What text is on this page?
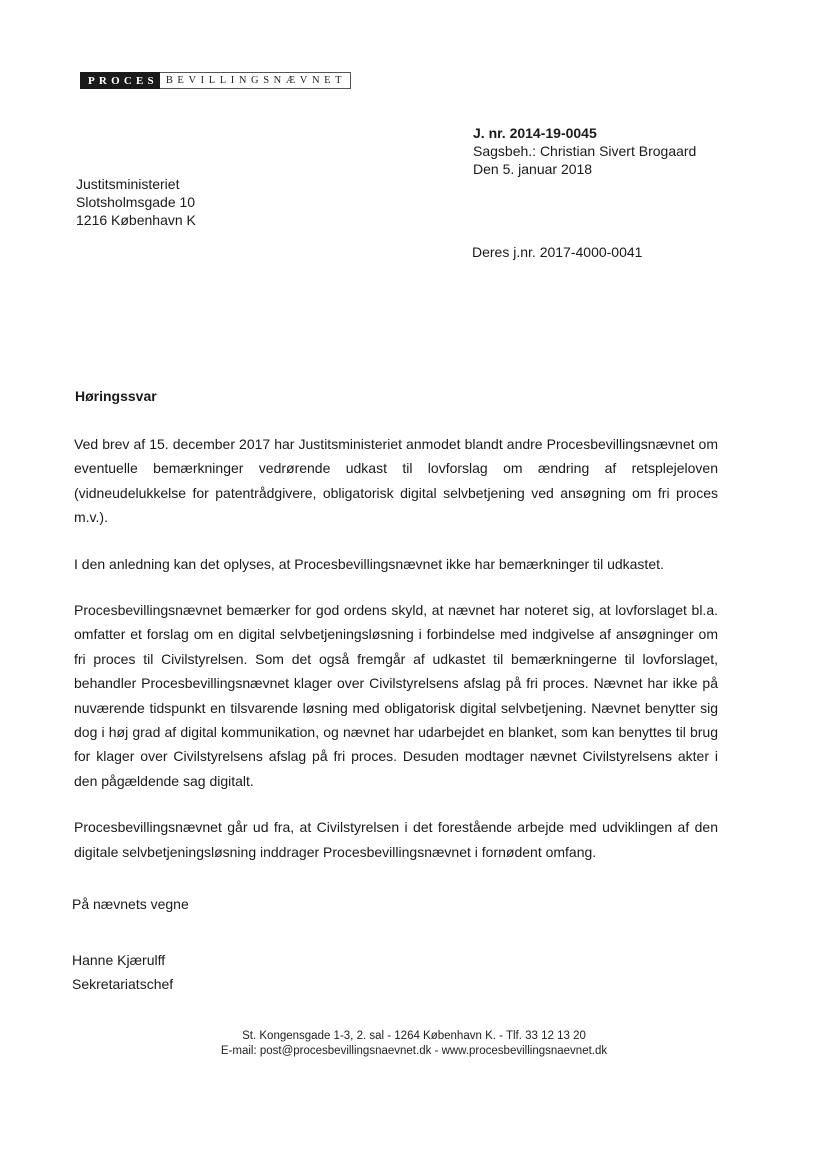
PROCES BEVILLINGSNÆVNET
J. nr. 2014-19-0045
Sagsbeh.: Christian Sivert Brogaard
Den 5. januar 2018
Justitsministeriet
Slotsholmsgade 10
1216 København K
Deres j.nr. 2017-4000-0041
Høringssvar

Ved brev af 15. december 2017 har Justitsministeriet anmodet blandt andre Procesbevillingsnævnet om eventuelle bemærkninger vedrørende udkast til lovforslag om ændring af retsplejeloven (vidneudelukkelse for patentrådgivere, obligatorisk digital selvbetjening ved ansøgning om fri proces m.v.).

I den anledning kan det oplyses, at Procesbevillingsnævnet ikke har bemærkninger til udkastet.

Procesbevillingsnævnet bemærker for god ordens skyld, at nævnet har noteret sig, at lovforslaget bl.a. omfatter et forslag om en digital selvbetjeningsløsning i forbindelse med indgivelse af ansøgninger om fri proces til Civilstyrelsen. Som det også fremgår af udkastet til bemærkningerne til lovforslaget, behandler Procesbevillingsnævnet klager over Civilstyrelsens afslag på fri proces. Nævnet har ikke på nuværende tidspunkt en tilsvarende løsning med obligatorisk digital selvbetjening. Nævnet benytter sig dog i høj grad af digital kommunikation, og nævnet har udarbejdet en blanket, som kan benyttes til brug for klager over Civilstyrelsens afslag på fri proces. Desuden modtager nævnet Civilstyrelsens akter i den pågældende sag digitalt.

Procesbevillingsnævnet går ud fra, at Civilstyrelsen i det forestående arbejde med udviklingen af den digitale selvbetjeningsløsning inddrager Procesbevillingsnævnet i fornødent omfang.

På nævnets vegne
Hanne Kjærulff
Sekretariatschef
St. Kongensgade 1-3, 2. sal - 1264 København K. - Tlf. 33 12 13 20
E-mail: post@procesbevillingsnaevnet.dk - www.procesbevillingsnaevnet.dk
